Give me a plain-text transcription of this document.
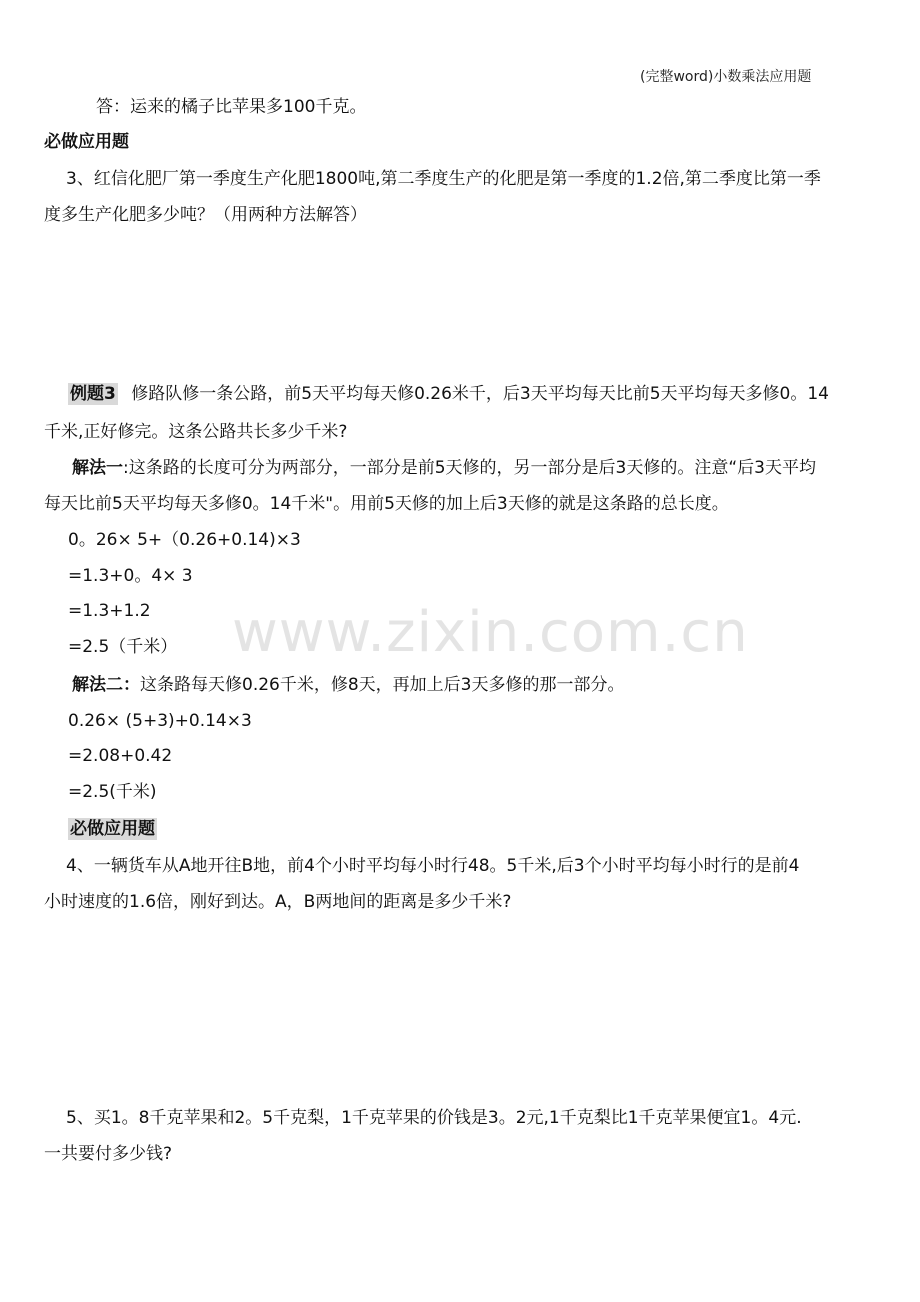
www.zixin.com.cn
(完整word)小数乘法应用题
答：运来的橘子比苹果多100千克。
必做应用题
3、红信化肥厂第一季度生产化肥1800吨,第二季度生产的化肥是第一季度的1.2倍,第二季度比第一季
度多生产化肥多少吨？（用两种方法解答）
例题3 修路队修一条公路，前5天平均每天修0.26米千，后3天平均每天比前5天平均每天多修0。14
千米,正好修完。这条公路共长多少千米?
解法一:这条路的长度可分为两部分，一部分是前5天修的，另一部分是后3天修的。注意“后3天平均
每天比前5天平均每天多修0。14千米"。用前5天修的加上后3天修的就是这条路的总长度。
0。26× 5+（0.26+0.14)×3
=1.3+0。4× 3
=1.3+1.2
=2.5（千米）
解法二：这条路每天修0.26千米，修8天，再加上后3天多修的那一部分。
0.26× (5+3)+0.14×3
=2.08+0.42
=2.5(千米)
必做应用题
4、一辆货车从A地开往B地，前4个小时平均每小时行48。5千米,后3个小时平均每小时行的是前4
小时速度的1.6倍，刚好到达。A，B两地间的距离是多少千米?
5、买1。8千克苹果和2。5千克梨，1千克苹果的价钱是3。2元,1千克梨比1千克苹果便宜1。4元.
一共要付多少钱?
